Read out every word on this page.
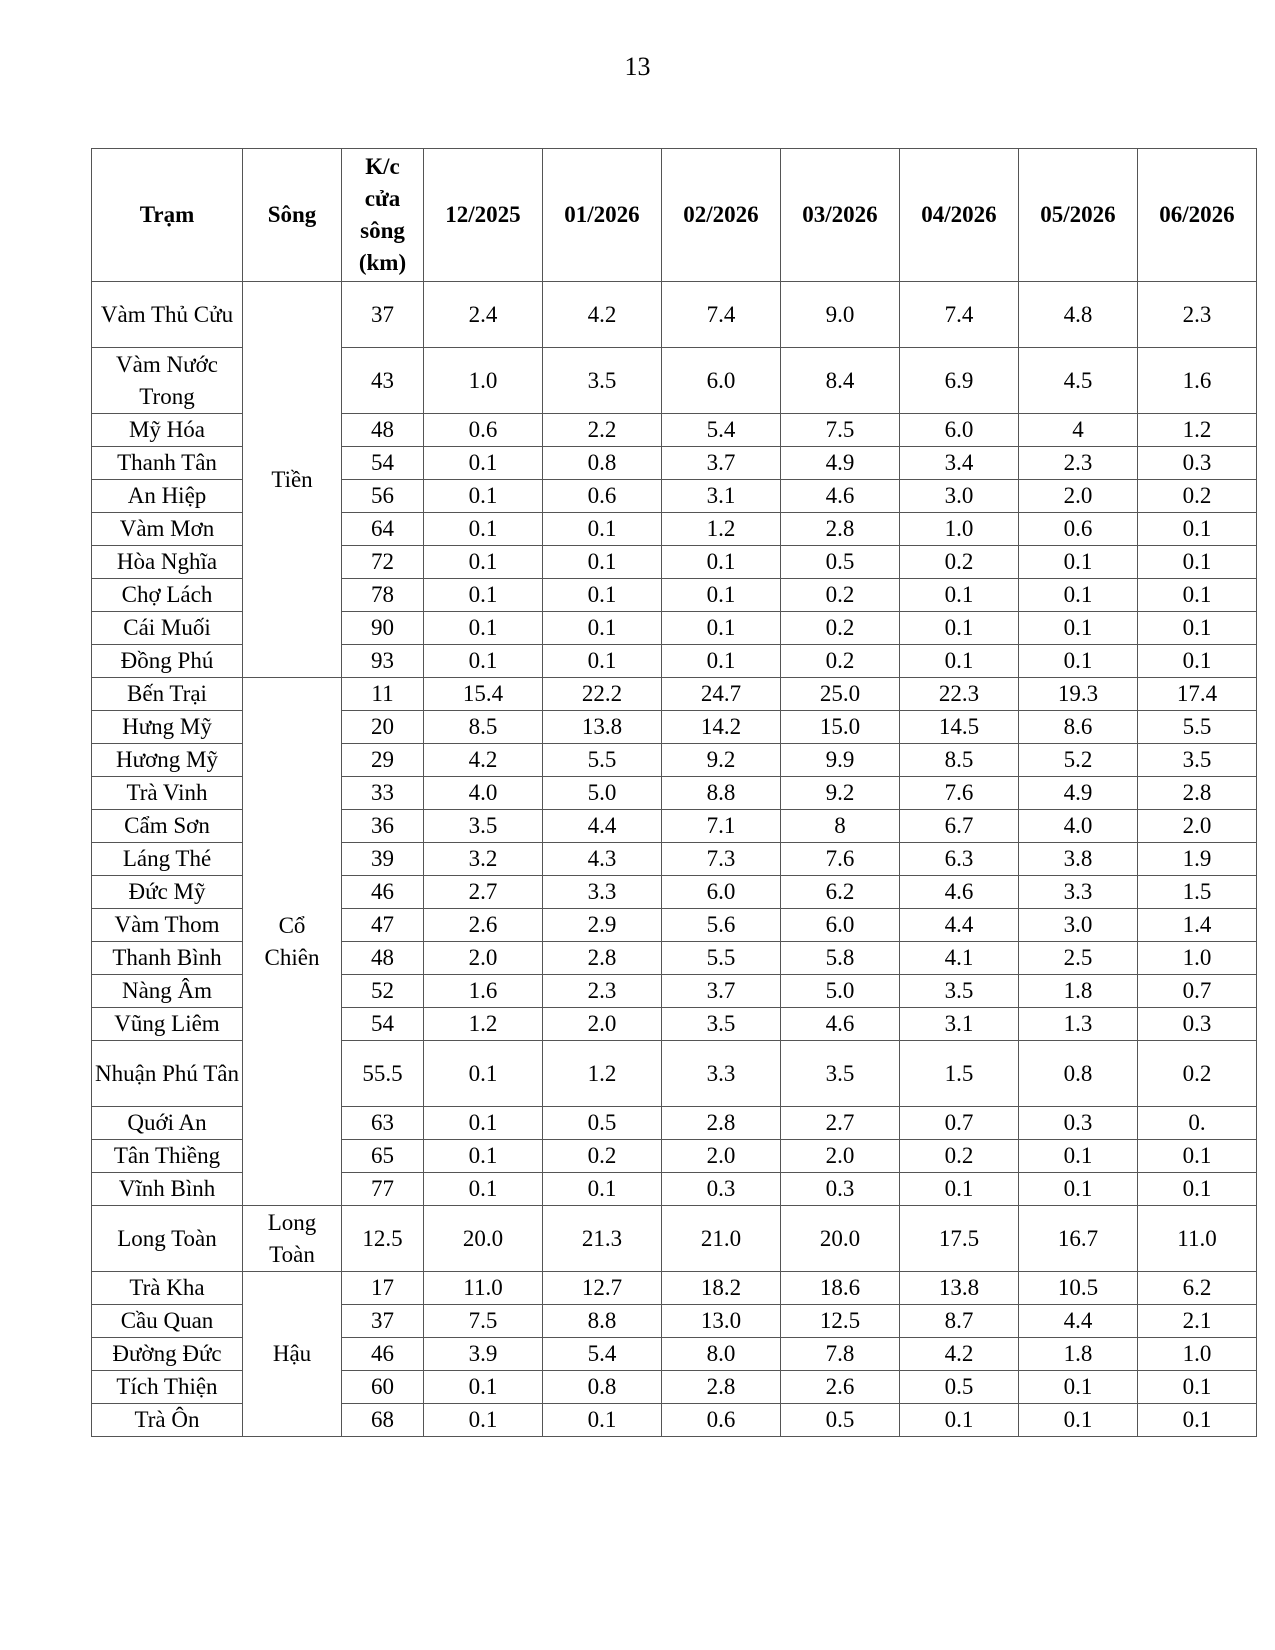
13
Trạm	Sông	K/c cửa sông (km)	12/2025	01/2026	02/2026	03/2026	04/2026	05/2026	06/2026
Vàm Thủ Cửu	Tiền	37	2.4	4.2	7.4	9.0	7.4	4.8	2.3
Vàm Nước Trong		43	1.0	3.5	6.0	8.4	6.9	4.5	1.6
Mỹ Hóa		48	0.6	2.2	5.4	7.5	6.0	4	1.2
Thanh Tân		54	0.1	0.8	3.7	4.9	3.4	2.3	0.3
An Hiệp		56	0.1	0.6	3.1	4.6	3.0	2.0	0.2
Vàm Mơn		64	0.1	0.1	1.2	2.8	1.0	0.6	0.1
Hòa Nghĩa		72	0.1	0.1	0.1	0.5	0.2	0.1	0.1
Chợ Lách		78	0.1	0.1	0.1	0.2	0.1	0.1	0.1
Cái Muối		90	0.1	0.1	0.1	0.2	0.1	0.1	0.1
Đồng Phú		93	0.1	0.1	0.1	0.2	0.1	0.1	0.1
Bến Trại	Cổ Chiên	11	15.4	22.2	24.7	25.0	22.3	19.3	17.4
Hưng Mỹ		20	8.5	13.8	14.2	15.0	14.5	8.6	5.5
Hương Mỹ		29	4.2	5.5	9.2	9.9	8.5	5.2	3.5
Trà Vinh		33	4.0	5.0	8.8	9.2	7.6	4.9	2.8
Cẩm Sơn		36	3.5	4.4	7.1	8	6.7	4.0	2.0
Láng Thé		39	3.2	4.3	7.3	7.6	6.3	3.8	1.9
Đức Mỹ		46	2.7	3.3	6.0	6.2	4.6	3.3	1.5
Vàm Thom		47	2.6	2.9	5.6	6.0	4.4	3.0	1.4
Thanh Bình		48	2.0	2.8	5.5	5.8	4.1	2.5	1.0
Nàng Âm		52	1.6	2.3	3.7	5.0	3.5	1.8	0.7
Vũng Liêm		54	1.2	2.0	3.5	4.6	3.1	1.3	0.3
Nhuận Phú Tân		55.5	0.1	1.2	3.3	3.5	1.5	0.8	0.2
Quới An		63	0.1	0.5	2.8	2.7	0.7	0.3	0.
Tân Thiềng		65	0.1	0.2	2.0	2.0	0.2	0.1	0.1
Vĩnh Bình		77	0.1	0.1	0.3	0.3	0.1	0.1	0.1
Long Toàn	Long Toàn	12.5	20.0	21.3	21.0	20.0	17.5	16.7	11.0
Trà Kha	Hậu	17	11.0	12.7	18.2	18.6	13.8	10.5	6.2
Cầu Quan		37	7.5	8.8	13.0	12.5	8.7	4.4	2.1
Đường Đức		46	3.9	5.4	8.0	7.8	4.2	1.8	1.0
Tích Thiện		60	0.1	0.8	2.8	2.6	0.5	0.1	0.1
Trà Ôn		68	0.1	0.1	0.6	0.5	0.1	0.1	0.1
